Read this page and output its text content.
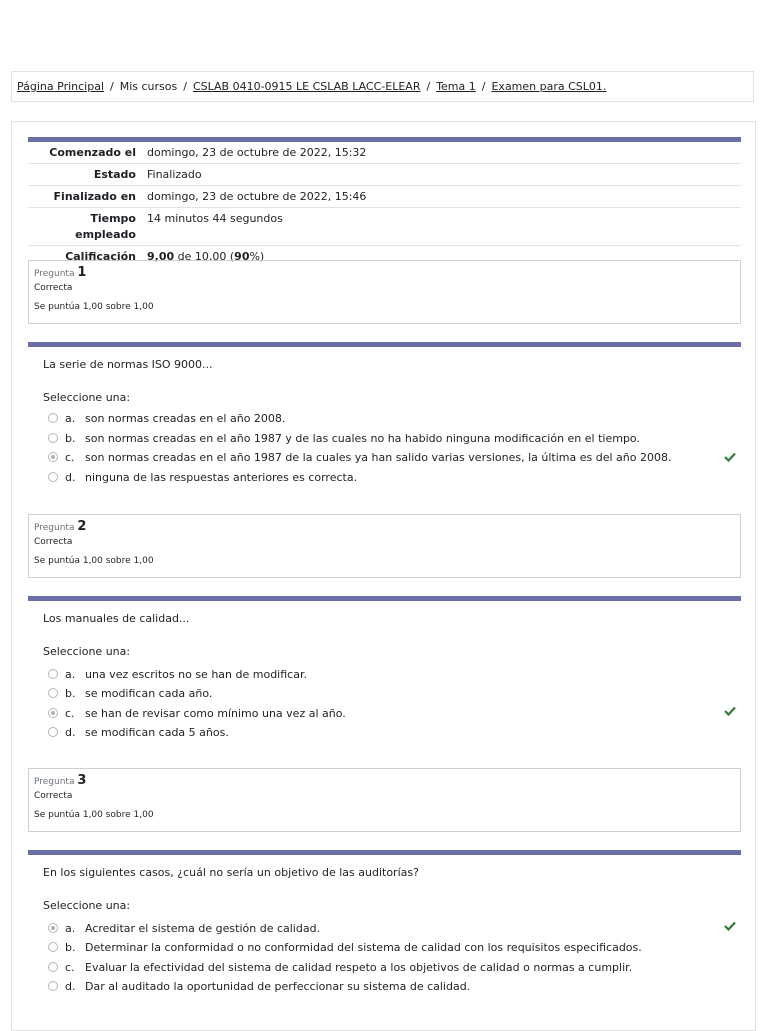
Página Principal / Mis cursos / CSLAB 0410-0915 LE CSLAB LACC-ELEAR / Tema 1 / Examen para CSL01.
Comenzado el	domingo, 23 de octubre de 2022, 15:32
Estado	Finalizado
Finalizado en	domingo, 23 de octubre de 2022, 15:46
Tiempo
empleado	14 minutos 44 segundos
Calificación	9,00 de 10,00 (90%)
Pregunta 1
Correcta
Se puntúa 1,00 sobre 1,00
La serie de normas ISO 9000...
Seleccione una:
a. son normas creadas en el año 2008.
b. son normas creadas en el año 1987 y de las cuales no ha habido ninguna modificación en el tiempo.
c. son normas creadas en el año 1987 de la cuales ya han salido varias versiones, la última es del año 2008.
d. ninguna de las respuestas anteriores es correcta.
Pregunta 2
Correcta
Se puntúa 1,00 sobre 1,00
Los manuales de calidad...
Seleccione una:
a. una vez escritos no se han de modificar.
b. se modifican cada año.
c. se han de revisar como mínimo una vez al año.
d. se modifican cada 5 años.
Pregunta 3
Correcta
Se puntúa 1,00 sobre 1,00
En los siguientes casos, ¿cuál no sería un objetivo de las auditorías?
Seleccione una:
a. Acreditar el sistema de gestión de calidad.
b. Determinar la conformidad o no conformidad del sistema de calidad con los requisitos especificados.
c. Evaluar la efectividad del sistema de calidad respeto a los objetivos de calidad o normas a cumplir.
d. Dar al auditado la oportunidad de perfeccionar su sistema de calidad.
